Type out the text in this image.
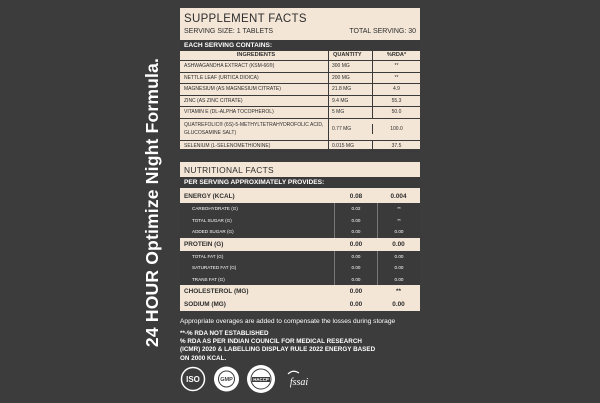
24 HOUR Optimize Night Formula.
SUPPLEMENT FACTS
SERVING SIZE: 1 TABLETS	TOTAL SERVING: 30
EACH SERVING CONTAINS:
INGREDIENTS	QUANTITY	%RDA*
ASHWAGANDHA EXTRACT (KSM-66®)	300 MG	**
NETTLE LEAF (URTICA DIOICA)	200 MG	**
MAGNESIUM (AS MAGNESIUM CITRATE)	21.8 MG	4.9
ZINC (AS ZINC CITRATE)	9.4 MG	55.3
VITAMIN E (DL-ALPHA TOCOPHEROL)	5 MG	50.0
QUATREFOLIC® (6S)-5-METHYLTETRAHYDROFOLIC ACID, GLUCOSAMINE SALT)
0.77 MG	100.0
SELENIUM (L-SELENOMETHIONINE)	0.015 MG	37.5
NUTRITIONAL FACTS
PER SERVING APPROXIMATELY PROVIDES:
ENERGY (KCAL)	0.08	0.004
CARBOHYDRATE (G)	0.02	**
TOTAL SUGAR (G)	0.00	**
ADDED SUGAR (G)	0.00	0.00
PROTEIN (G)	0.00	0.00
TOTAL FAT (G)	0.00	0.00
SATURATED FAT (G)	0.00	0.00
TRANS FAT (G)	0.00	0.00
CHOLESTEROL (MG)	0.00	**
SODIUM (MG)	0.00	0.00
Appropriate overages are added to compensate the losses during storage
**-% RDA NOT ESTABLISHED
% RDA AS PER INDIAN COUNCIL FOR MEDICAL RESEARCH
(ICMR) 2020 & LABELLING DISPLAY RULE 2022 ENERGY BASED
ON 2000 KCAL.
ISO	GMP	HACCP fssai
